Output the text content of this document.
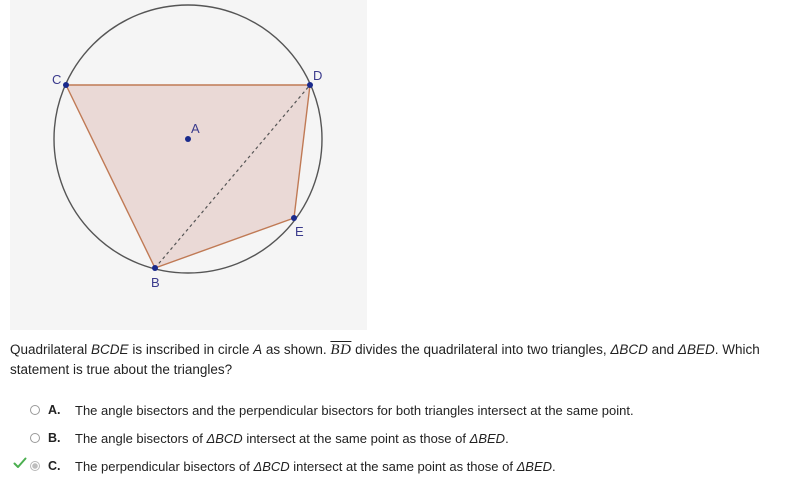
A
B
C	D
E
Quadrilateral BCDE is inscribed in circle A as shown. $\overline{BD}$ divides the quadrilateral into two triangles, ΔBCD and ΔBED. Which statement is true about the triangles?
A. The angle bisectors and the perpendicular bisectors for both triangles intersect at the same point.
B. The angle bisectors of ΔBCD intersect at the same point as those of ΔBED.
C. The perpendicular bisectors of ΔBCD intersect at the same point as those of ΔBED.
